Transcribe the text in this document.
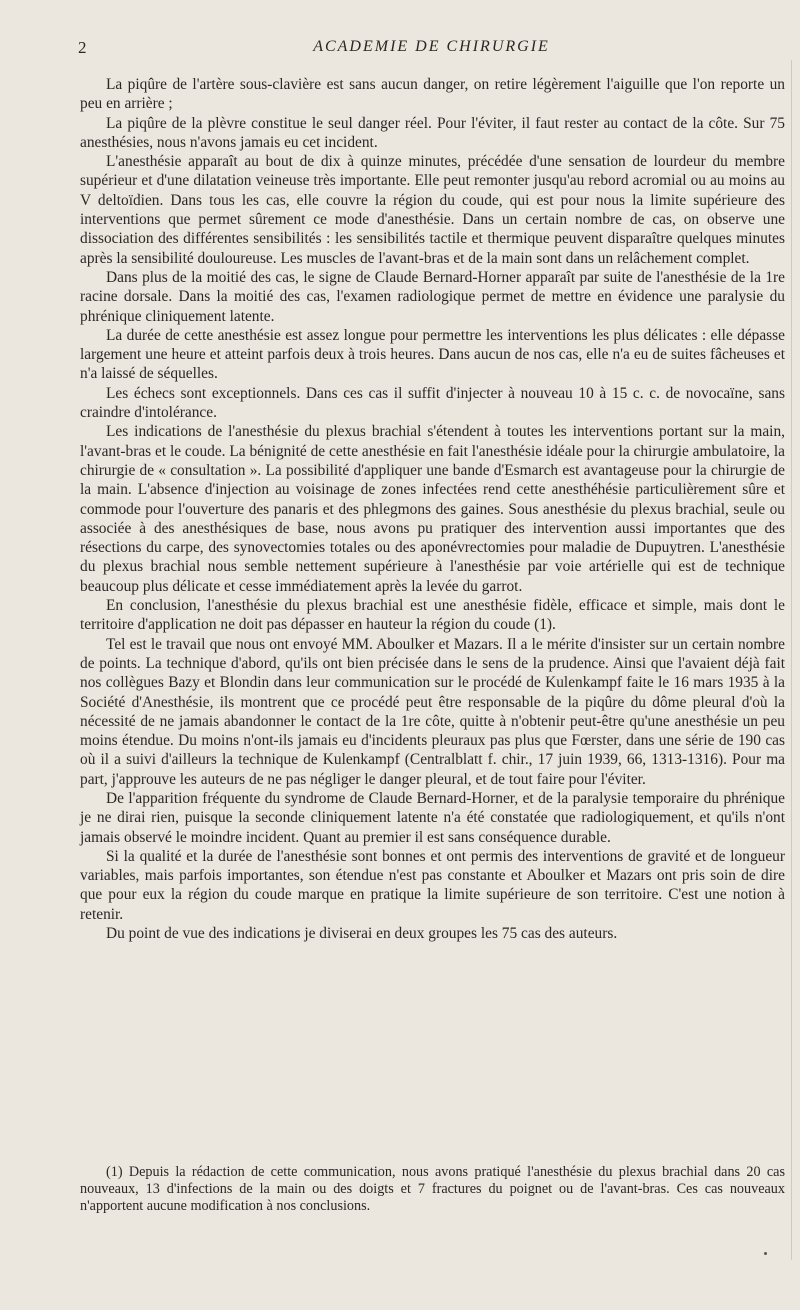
2	ACADEMIE DE CHIRURGIE

La piqûre de l'artère sous-clavière est sans aucun danger, on retire légèrement l'aiguille que l'on reporte un peu en arrière ;

La piqûre de la plèvre constitue le seul danger réel. Pour l'éviter, il faut rester au contact de la côte. Sur 75 anesthésies, nous n'avons jamais eu cet incident.

L'anesthésie apparaît au bout de dix à quinze minutes, précédée d'une sensation de lourdeur du membre supérieur et d'une dilatation veineuse très importante. Elle peut remonter jusqu'au rebord acromial ou au moins au V deltoïdien. Dans tous les cas, elle couvre la région du coude, qui est pour nous la limite supérieure des interventions que permet sûrement ce mode d'anesthésie. Dans un certain nombre de cas, on observe une dissociation des différentes sensibilités : les sensibilités tactile et thermique peuvent disparaître quelques minutes après la sensibilité douloureuse. Les muscles de l'avant-bras et de la main sont dans un relâchement complet.

Dans plus de la moitié des cas, le signe de Claude Bernard-Horner apparaît par suite de l'anesthésie de la 1re racine dorsale. Dans la moitié des cas, l'examen radiologique permet de mettre en évidence une paralysie du phrénique cliniquement latente.

La durée de cette anesthésie est assez longue pour permettre les interventions les plus délicates : elle dépasse largement une heure et atteint parfois deux à trois heures. Dans aucun de nos cas, elle n'a eu de suites fâcheuses et n'a laissé de séquelles.

Les échecs sont exceptionnels. Dans ces cas il suffit d'injecter à nouveau 10 à 15 c. c. de novocaïne, sans craindre d'intolérance.

Les indications de l'anesthésie du plexus brachial s'étendent à toutes les interventions portant sur la main, l'avant-bras et le coude. La bénignité de cette anesthésie en fait l'anesthésie idéale pour la chirurgie ambulatoire, la chirurgie de « consultation ». La possibilité d'appliquer une bande d'Esmarch est avantageuse pour la chirurgie de la main. L'absence d'injection au voisinage de zones infectées rend cette anesthéhésie particulièrement sûre et commode pour l'ouverture des panaris et des phlegmons des gaines. Sous anesthésie du plexus brachial, seule ou associée à des anesthésiques de base, nous avons pu pratiquer des intervention aussi importantes que des résections du carpe, des synovectomies totales ou des aponévrectomies pour maladie de Dupuytren. L'anesthésie du plexus brachial nous semble nettement supérieure à l'anesthésie par voie artérielle qui est de technique beaucoup plus délicate et cesse immédiatement après la levée du garrot.

En conclusion, l'anesthésie du plexus brachial est une anesthésie fidèle, efficace et simple, mais dont le territoire d'application ne doit pas dépasser en hauteur la région du coude (1).

Tel est le travail que nous ont envoyé MM. Aboulker et Mazars. Il a le mérite d'insister sur un certain nombre de points. La technique d'abord, qu'ils ont bien précisée dans le sens de la prudence. Ainsi que l'avaient déjà fait nos collègues Bazy et Blondin dans leur communication sur le procédé de Kulenkampf faite le 16 mars 1935 à la Société d'Anesthésie, ils montrent que ce procédé peut être responsable de la piqûre du dôme pleural d'où la nécessité de ne jamais abandonner le contact de la 1re côte, quitte à n'obtenir peut-être qu'une anesthésie un peu moins étendue. Du moins n'ont-ils jamais eu d'incidents pleuraux pas plus que Fœrster, dans une série de 190 cas où il a suivi d'ailleurs la technique de Kulenkampf (Centralblatt f. chir., 17 juin 1939, 66, 1313-1316). Pour ma part, j'approuve les auteurs de ne pas négliger le danger pleural, et de tout faire pour l'éviter.

De l'apparition fréquente du syndrome de Claude Bernard-Horner, et de la paralysie temporaire du phrénique je ne dirai rien, puisque la seconde cliniquement latente n'a été constatée que radiologiquement, et qu'ils n'ont jamais observé le moindre incident. Quant au premier il est sans conséquence durable.

Si la qualité et la durée de l'anesthésie sont bonnes et ont permis des interventions de gravité et de longueur variables, mais parfois importantes, son étendue n'est pas constante et Aboulker et Mazars ont pris soin de dire que pour eux la région du coude marque en pratique la limite supérieure de son territoire. C'est une notion à retenir.

Du point de vue des indications je diviserai en deux groupes les 75 cas des auteurs.

(1) Depuis la rédaction de cette communication, nous avons pratiqué l'anesthésie du plexus brachial dans 20 cas nouveaux, 13 d'infections de la main ou des doigts et 7 fractures du poignet ou de l'avant-bras. Ces cas nouveaux n'apportent aucune modification à nos conclusions.
